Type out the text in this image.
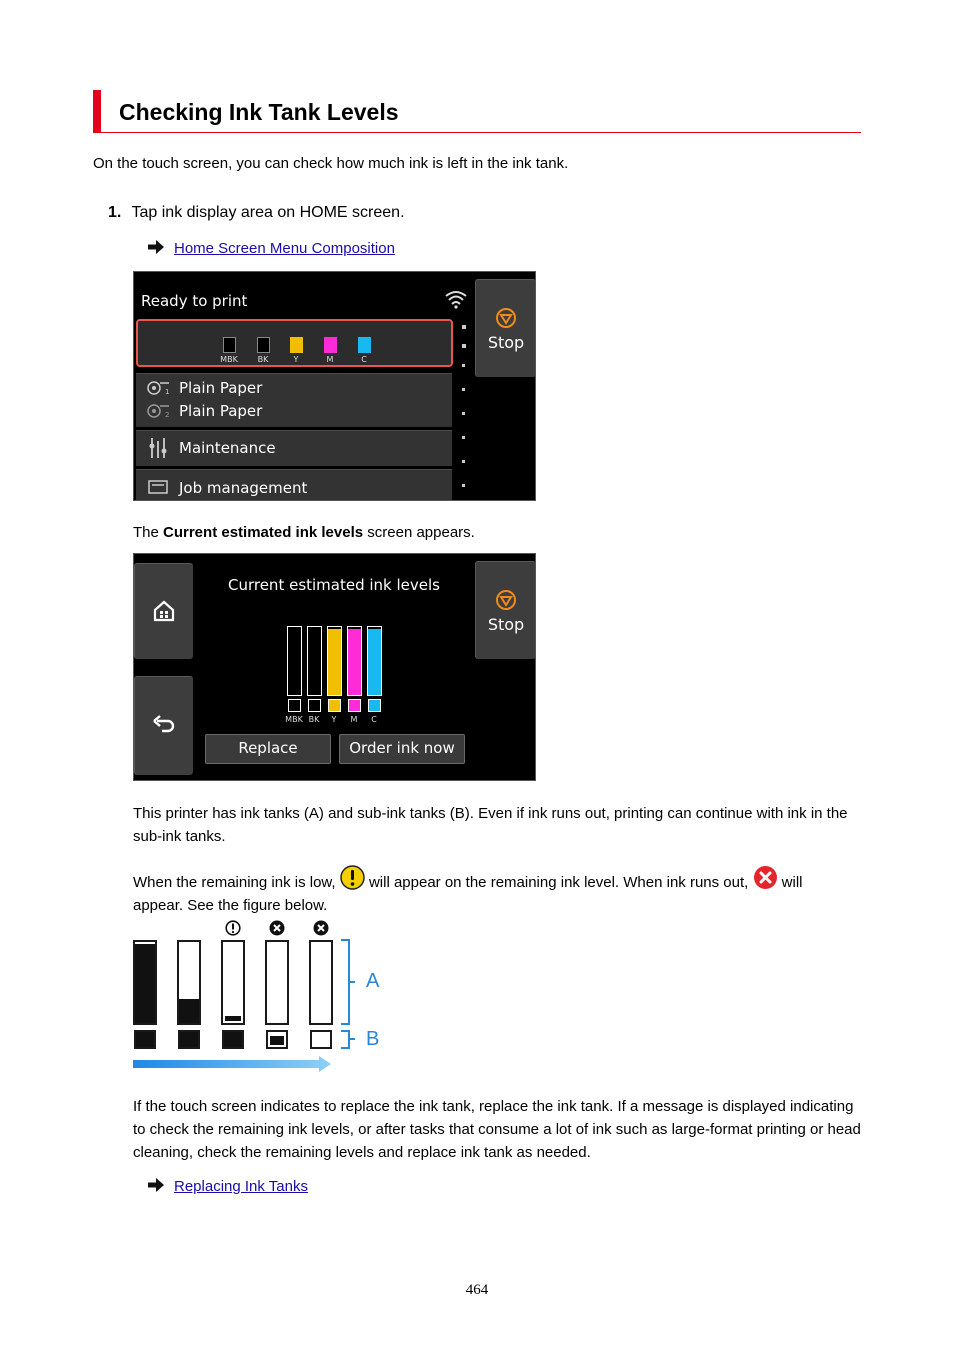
Checking Ink Tank Levels
On the touch screen, you can check how much ink is left in the ink tank.
1. Tap ink display area on HOME screen.
Home Screen Menu Composition
Ready to print
Stop
MBK	BK	Y	M	C
1 Plain Paper
2 Plain Paper
Maintenance
Job management
The Current estimated ink levels screen appears.
Stop
Current estimated ink levels
MBK BK	Y	M	C
Replace	Order ink now
This printer has ink tanks (A) and sub-ink tanks (B). Even if ink runs out, printing can continue with ink in the sub-ink tanks.
When the remaining ink is low, will appear on the remaining ink level. When ink runs out, will
appear. See the figure below.
A
B
If the touch screen indicates to replace the ink tank, replace the ink tank. If a message is displayed indicating to check the remaining ink levels, or after tasks that consume a lot of ink such as large-format printing or head cleaning, check the remaining levels and replace ink tank as needed.
Replacing Ink Tanks
464
